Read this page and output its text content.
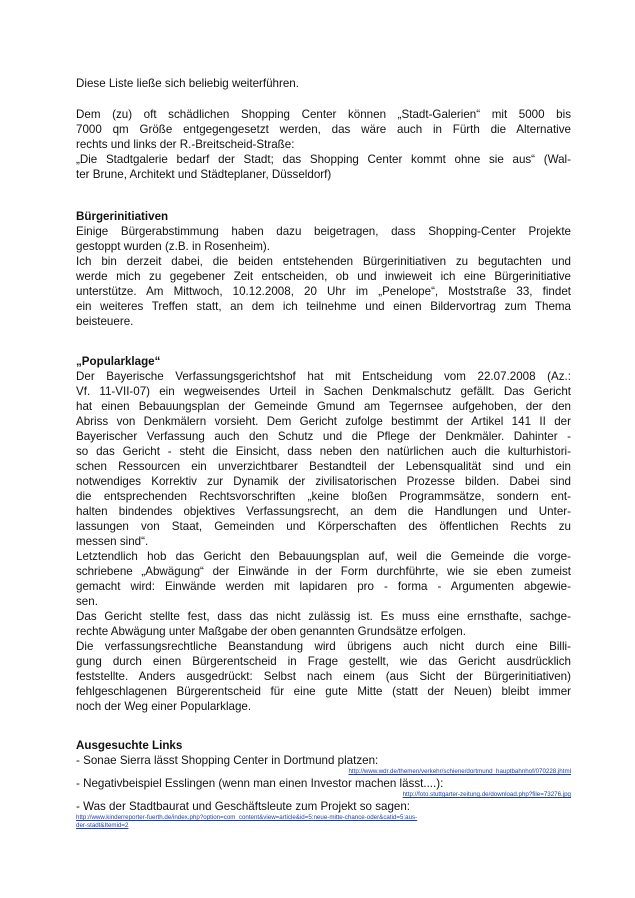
Diese Liste ließe sich beliebig weiterführen.
Dem (zu) oft schädlichen Shopping Center können „Stadt-Galerien“ mit 5000 bis
7000 qm Größe entgegengesetzt werden, das wäre auch in Fürth die Alternative
rechts und links der R.-Breitscheid-Straße:
„Die Stadtgalerie bedarf der Stadt; das Shopping Center kommt ohne sie aus“ (Wal-
ter Brune, Architekt und Städteplaner, Düsseldorf)
Bürgerinitiativen
Einige Bürgerabstimmung haben dazu beigetragen, dass Shopping-Center Projekte
gestoppt wurden (z.B. in Rosenheim).
Ich bin derzeit dabei, die beiden entstehenden Bürgerinitiativen zu begutachten und
werde mich zu gegebener Zeit entscheiden, ob und inwieweit ich eine Bürgerinitiative
unterstütze. Am Mittwoch, 10.12.2008, 20 Uhr im „Penelope“, Moststraße 33, findet
ein weiteres Treffen statt, an dem ich teilnehme und einen Bildervortrag zum Thema
beisteuere.
„Popularklage“
Der Bayerische Verfassungsgerichtshof hat mit Entscheidung vom 22.07.2008 (Az.:
Vf. 11-VII-07) ein wegweisendes Urteil in Sachen Denkmalschutz gefällt. Das Gericht
hat einen Bebauungsplan der Gemeinde Gmund am Tegernsee aufgehoben, der den
Abriss von Denkmälern vorsieht. Dem Gericht zufolge bestimmt der Artikel 141 II der
Bayerischer Verfassung auch den Schutz und die Pflege der Denkmäler. Dahinter -
so das Gericht - steht die Einsicht, dass neben den natürlichen auch die kulturhistori-
schen Ressourcen ein unverzichtbarer Bestandteil der Lebensqualität sind und ein
notwendiges Korrektiv zur Dynamik der zivilisatorischen Prozesse bilden. Dabei sind
die entsprechenden Rechtsvorschriften „keine bloßen Programmsätze, sondern ent-
halten bindendes objektives Verfassungsrecht, an dem die Handlungen und Unter-
lassungen von Staat, Gemeinden und Körperschaften des öffentlichen Rechts zu
messen sind“.
Letztendlich hob das Gericht den Bebauungsplan auf, weil die Gemeinde die vorge-
schriebene „Abwägung“ der Einwände in der Form durchführte, wie sie eben zumeist
gemacht wird: Einwände werden mit lapidaren pro - forma - Argumenten abgewie-
sen.
Das Gericht stellte fest, dass das nicht zulässig ist. Es muss eine ernsthafte, sachge-
rechte Abwägung unter Maßgabe der oben genannten Grundsätze erfolgen.
Die verfassungsrechtliche Beanstandung wird übrigens auch nicht durch eine Billi-
gung durch einen Bürgerentscheid in Frage gestellt, wie das Gericht ausdrücklich
feststellte. Anders ausgedrückt: Selbst nach einem (aus Sicht der Bürgerinitiativen)
fehlgeschlagenen Bürgerentscheid für eine gute Mitte (statt der Neuen) bleibt immer
noch der Weg einer Popularklage.
Ausgesuchte Links
- Sonae Sierra lässt Shopping Center in Dortmund platzen:
http://www.wdr.de/themen/verkehr/schiene/dortmund_hauptbahnhof/070228.jhtml
- Negativbeispiel Esslingen (wenn man einen Investor machen lässt....):
http://foto.stuttgarter-zeitung.de/download.php?file=73276.jpg
- Was der Stadtbaurat und Geschäftsleute zum Projekt so sagen:
http://www.kinderreporter-fuerth.de/index.php?option=com_content&view=article&id=5:neue-mitte-chance-oder&catid=5:aus-
der-stadt&Itemid=2
